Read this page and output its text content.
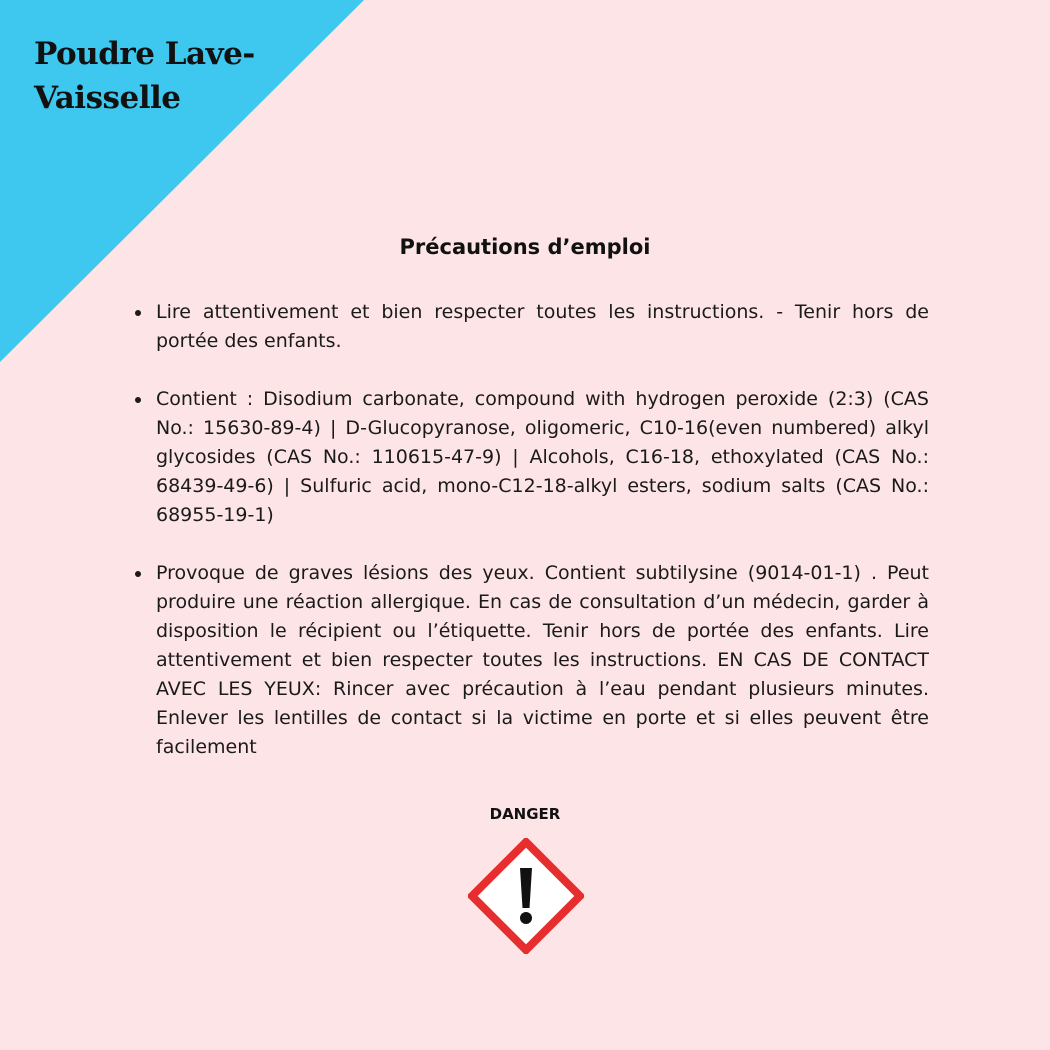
Poudre Lave-Vaisselle
Précautions d’emploi
Lire attentivement et bien respecter toutes les instructions. - Tenir hors de portée des enfants.
Contient : Disodium carbonate, compound with hydrogen peroxide (2:3) (CAS No.: 15630-89-4) | D-Glucopyranose, oligomeric, C10-16(even numbered) alkyl glycosides (CAS No.: 110615-47-9) | Alcohols, C16-18, ethoxylated (CAS No.: 68439-49-6) | Sulfuric acid, mono-C12-18-alkyl esters, sodium salts (CAS No.: 68955-19-1)
Provoque de graves lésions des yeux. Contient subtilysine (9014-01-1) . Peut produire une réaction allergique. En cas de consultation d’un médecin, garder à disposition le récipient ou l’étiquette. Tenir hors de portée des enfants. Lire attentivement et bien respecter toutes les instructions. EN CAS DE CONTACT AVEC LES YEUX: Rincer avec précaution à l’eau pendant plusieurs minutes. Enlever les lentilles de contact si la victime en porte et si elles peuvent être facilement

DANGER
